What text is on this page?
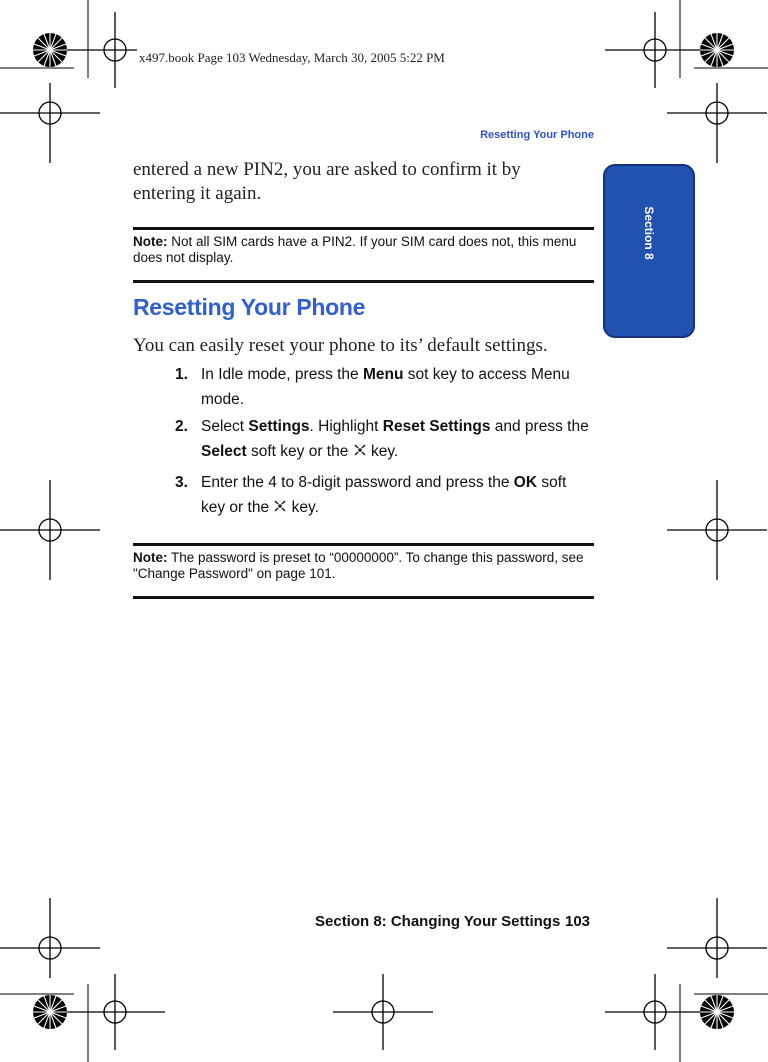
x497.book Page 103 Wednesday, March 30, 2005 5:22 PM
Resetting Your Phone
Section 8
entered a new PIN2, you are asked to confirm it by entering it again.
Note: Not all SIM cards have a PIN2. If your SIM card does not, this menu does not display.
Resetting Your Phone
You can easily reset your phone to its’ default settings.
1. In Idle mode, press the Menu sot key to access Menu mode.
2. Select Settings. Highlight Reset Settings and press the Select soft key or the  key.
3. Enter the 4 to 8-digit password and press the OK soft key or the  key.
Note: The password is preset to “00000000”. To change this password, see "Change Password" on page 101.
Section 8: Changing Your Settings 103
